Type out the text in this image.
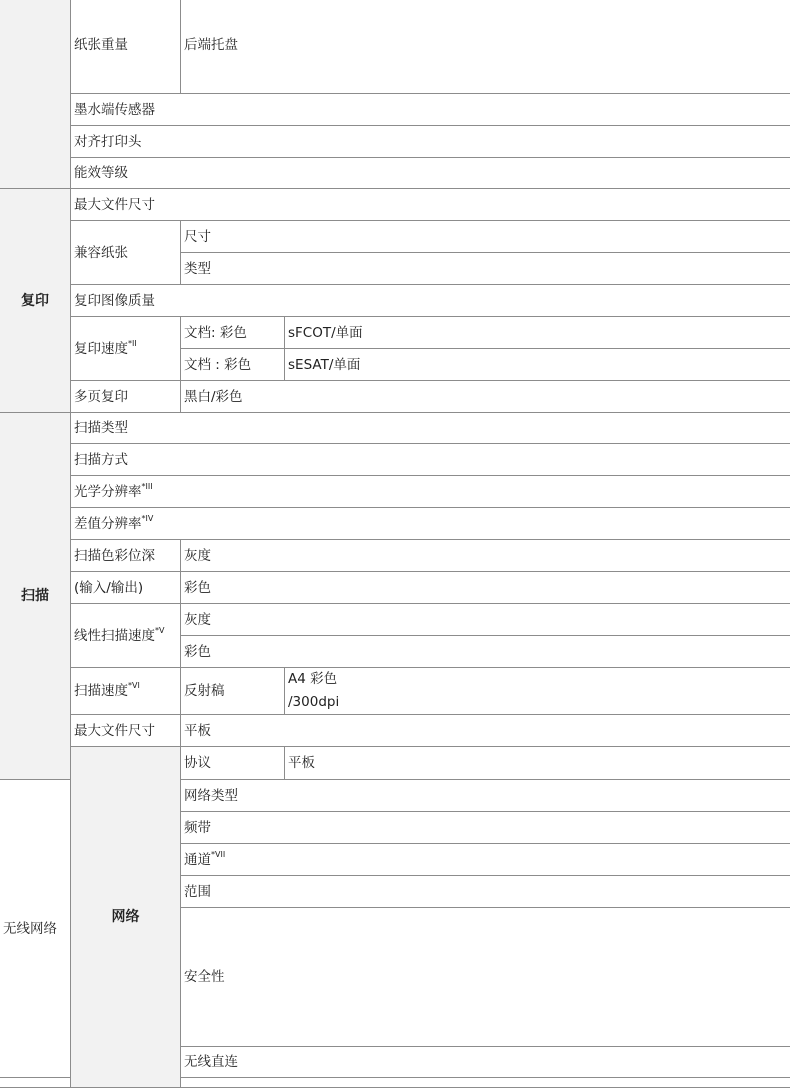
	纸张重量	后端托盘	

	墨水端传感器	
	对齐打印头	
	能效等级	
复印	最大文件尺寸	
	兼容纸张	尺寸	
		类型	
	复印图像质量	
	复印速度$^{*II}$	文档: 彩色	sFCOT/单面	
		文档 : 彩色	sESAT/单面	
	多页复印	黑白/彩色	
扫描	扫描类型	
	扫描方式	
	光学分辨率$^{*III}$	
	差值分辨率$^{*IV}$	
	扫描色彩位深	灰度	
	(输入/输出)	彩色	
	线性扫描速度$^{*V}$	灰度	
		彩色	
	扫描速度$^{*VI}$	反射稿	A4 彩色
/300dpi	
	最大文件尺寸	平板	
	网络	协议	平板	
无线网络		网络类型	
		频带	
		通道$^{*VII}$	
		范围	
		安全性	
		无线直连	
